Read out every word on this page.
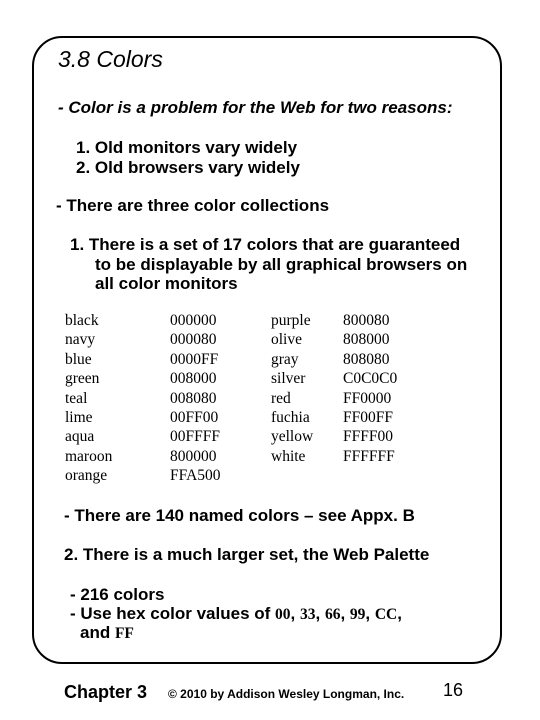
3.8 Colors
- Color is a problem for the Web for two reasons:
1. Old monitors vary widely
2. Old browsers vary widely
- There are three color collections
1. There is a set of 17 colors that are guaranteed
to be displayable by all graphical browsers on
all color monitors
black
navy
blue
green
teal
lime
aqua
maroon
orange
000000
000080
0000FF
008000
008080
00FF00
00FFFF
800000
FFA500
purple
olive
gray
silver
red
fuchia
yellow
white
800080
808000
808080
C0C0C0
FF0000
FF00FF
FFFF00
FFFFFF
- There are 140 named colors – see Appx. B
2. There is a much larger set, the Web Palette
- 216 colors
- Use hex color values of 00, 33, 66, 99, CC,
and FF
Chapter 3 © 2010 by Addison Wesley Longman, Inc. 16
